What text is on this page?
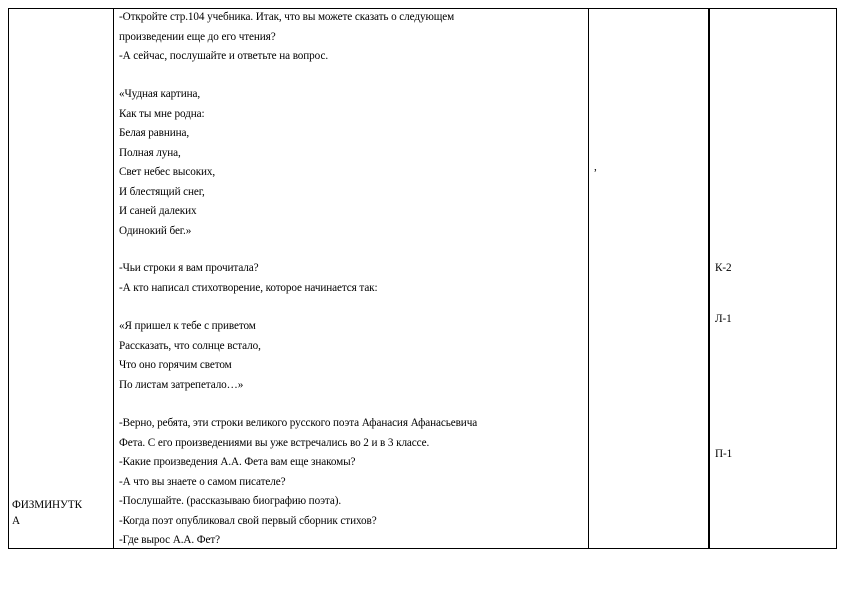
ФИЗМИНУТК
А
-Откройте стр.104 учебника. Итак, что вы можете сказать о следующем
произведении еще до его чтения?
-А сейчас, послушайте и ответьте на вопрос.
«Чудная картина,
Как ты мне родна:
Белая равнина,
Полная луна,
Свет небес высоких,
И блестящий снег,
И саней далеких
Одинокий бег.»
-Чьи строки я вам прочитала?
-А кто написал стихотворение, которое начинается так:
«Я пришел к тебе с приветом
Рассказать, что солнце встало,
Что оно горячим светом
По листам затрепетало…»
-Верно, ребята, эти строки великого русского поэта Афанасия Афанасьевича
Фета. С его произведениями вы уже встречались во 2 и в 3 классе.
-Какие произведения А.А. Фета вам еще знакомы?
-А что вы знаете о самом писателе?
-Послушайте. (рассказываю биографию поэта).
-Когда поэт опубликовал свой первый сборник стихов?
-Где вырос А.А. Фет?
,
К-2
Л-1
П-1
